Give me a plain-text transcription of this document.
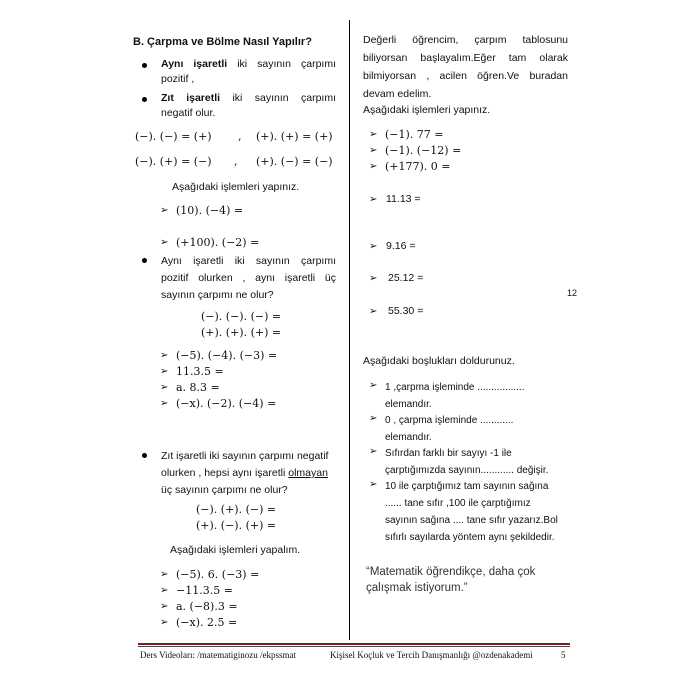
B. Çarpma ve Bölme Nasıl Yapılır?
Aynı işaretli iki sayının çarpımı
pozitif ,
Zıt işaretli iki sayının çarpımı
negatif olur.
(−). (−) = (+) , (+). (+) = (+)
(−). (+) = (−) , (+). (−) = (−)
Aşağıdaki işlemleri yapınız.
➢ (10). (−4) =
➢ (+100). (−2) =
Aynı işaretli iki sayının çarpımı
pozitif olurken , aynı işaretli üç
sayının çarpımı ne olur?
(−). (−). (−) =
(+). (+). (+) =
➢ (−5). (−4). (−3) =
➢ 11.3.5 =
➢ a. 8.3 =
➢ (−x). (−2). (−4) =
Zıt işaretli iki sayının çarpımı negatif
olurken , hepsi aynı işaretli olmayan
üç sayının çarpımı ne olur?
(−). (+). (−) =
(+). (−). (+) =
Aşağıdaki işlemleri yapalım.
➢ (−5). 6. (−3) =
➢ −11.3.5 =
➢ a. (−8).3 =
➢ (−x). 2.5 =
Değerli öğrencim, çarpım tablosunu
biliyorsan başlayalım.Eğer tam olarak
bilmiyorsan , acilen öğren.Ve buradan
devam edelim.
Aşağıdaki işlemleri yapınız.
➢ (−1). 77 =
➢ (−1). (−12) =
➢ (+177). 0 =
➢ 11.13 =
➢ 9.16 =
➢ 25.12 =
➢ 55.30 =
12
Aşağıdaki boşlukları doldurunuz.
➢ 1 ,çarpma işleminde .................
elemandır.
➢ 0 , çarpma işleminde ............
elemandır.
➢ Sıfırdan farklı bir sayıyı -1 ile
çarptığımızda sayının............ değişir.
➢ 10 ile çarptığımız tam sayının sağına
...... tane sıfır ,100 ile çarptığımız
sayının sağına .... tane sıfır yazarız.Bol
sıfırlı sayılarda yöntem aynı şekildedir.
“Matematik öğrendikçe, daha çok
çalışmak istiyorum.”
Ders Videoları: /matematiginozu /ekpssmat	Kişisel Koçluk ve Tercih Danışmanlığı @ozdenakademi	5
